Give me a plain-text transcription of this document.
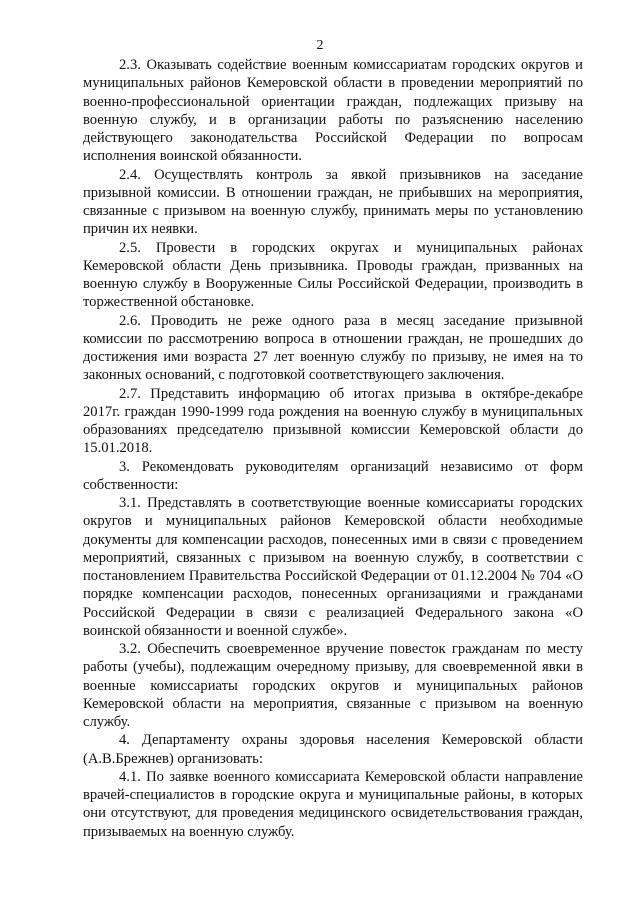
2

2.3. Оказывать содействие военным комиссариатам городских округов и муниципальных районов Кемеровской области в проведении мероприятий по военно-профессиональной ориентации граждан, подлежащих призыву на военную службу, и в организации работы по разъяснению населению действующего законодательства Российской Федерации по вопросам исполнения воинской обязанности.

2.4. Осуществлять контроль за явкой призывников на заседание призывной комиссии. В отношении граждан, не прибывших на мероприятия, связанные с призывом на военную службу, принимать меры по установлению причин их неявки.

2.5. Провести в городских округах и муниципальных районах Кемеровской области День призывника. Проводы граждан, призванных на военную службу в Вооруженные Силы Российской Федерации, производить в торжественной обстановке.

2.6. Проводить не реже одного раза в месяц заседание призывной комиссии по рассмотрению вопроса в отношении граждан, не прошедших до достижения ими возраста 27 лет военную службу по призыву, не имея на то законных оснований, с подготовкой соответствующего заключения.

2.7. Представить информацию об итогах призыва в октябре-декабре 2017г. граждан 1990-1999 года рождения на военную службу в муниципальных образованиях председателю призывной комиссии Кемеровской области до 15.01.2018.

3. Рекомендовать руководителям организаций независимо от форм собственности:

3.1. Представлять в соответствующие военные комиссариаты городских округов и муниципальных районов Кемеровской области необходимые документы для компенсации расходов, понесенных ими в связи с проведением мероприятий, связанных с призывом на военную службу, в соответствии с постановлением Правительства Российской Федерации от 01.12.2004 № 704 «О порядке компенсации расходов, понесенных организациями и гражданами Российской Федерации в связи с реализацией Федерального закона «О воинской обязанности и военной службе».

3.2. Обеспечить своевременное вручение повесток гражданам по месту работы (учебы), подлежащим очередному призыву, для своевременной явки в военные комиссариаты городских округов и муниципальных районов Кемеровской области на мероприятия, связанные с призывом на военную службу.

4. Департаменту охраны здоровья населения Кемеровской области (А.В.Брежнев) организовать:

4.1. По заявке военного комиссариата Кемеровской области направление врачей-специалистов в городские округа и муниципальные районы, в которых они отсутствуют, для проведения медицинского освидетельствования граждан, призываемых на военную службу.
